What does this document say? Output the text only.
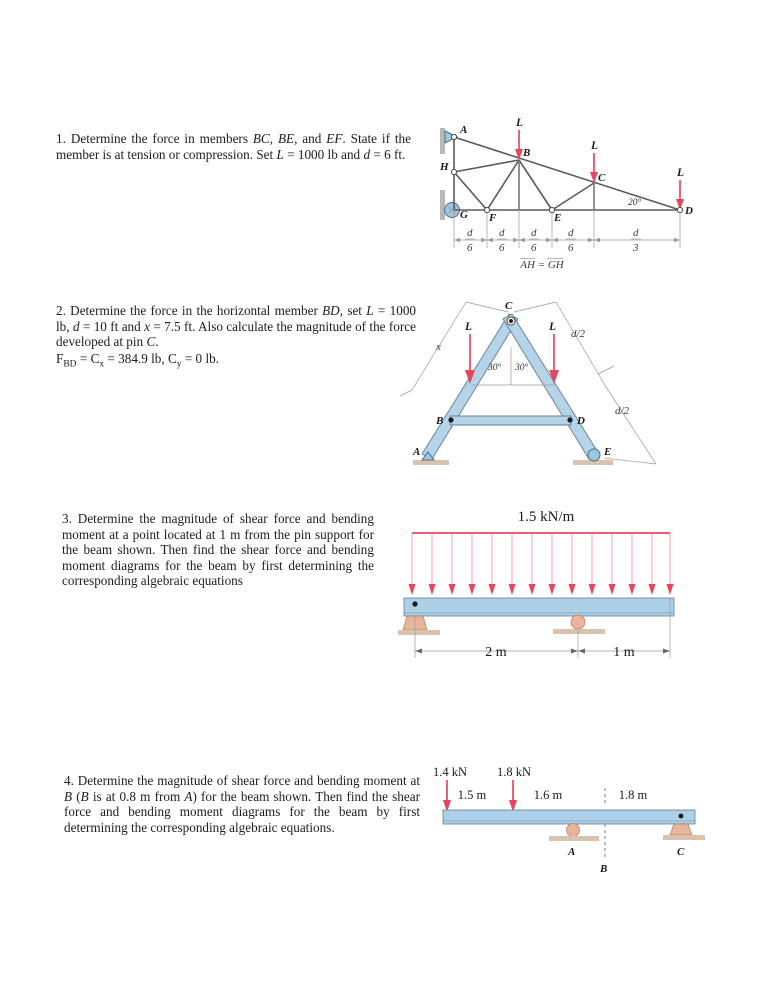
1. Determine the force in members BC, BE, and EF. State if the member is at tension or compression. Set L = 1000 lb and d = 6 ft.
L
L
L
A
B
C
D
E
F
G
H
20°
d
6
d
6
d
6
d
6
d
3
AH = GH
2. Determine the force in the horizontal member BD, set L = 1000 lb, d = 10 ft and x = 7.5 ft. Also calculate the magnitude of the force developed at pin C.
$F_{BD} = C_x = 384.9$ lb, $C_y = 0$ lb.
30° 30°
L	L
C
B	D
A	E
x
d/2
d/2
3. Determine the magnitude of shear force and bending moment at a point located at 1 m from the pin support for the beam shown. Then find the shear force and bending moment diagrams for the beam by first determining the corresponding algebraic equations
1.5 kN/m
2 m	1 m
4. Determine the magnitude of shear force and bending moment at B (B is at 0.8 m from A) for the beam shown. Then find the shear force and bending moment diagrams for the beam by first determining the corresponding algebraic equations.
1.4 kN 1.8 kN
1.5 m	1.6 m	1.8 m
A
B
C
